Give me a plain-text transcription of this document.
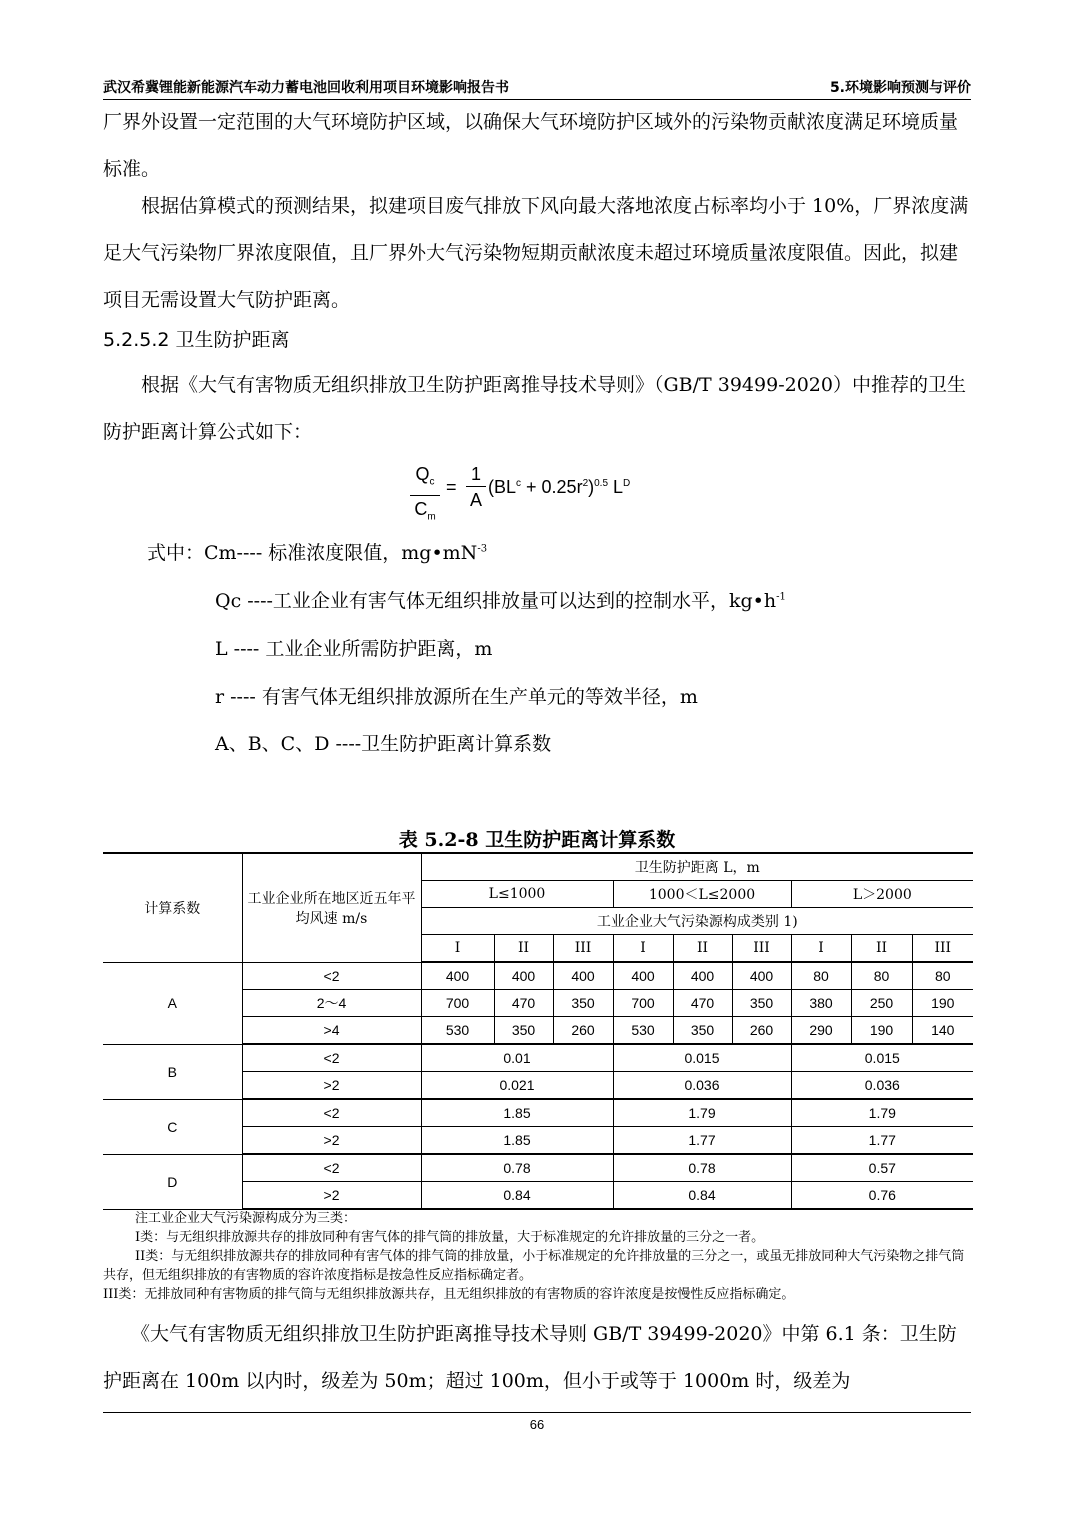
武汉希冀锂能新能源汽车动力蓄电池回收利用项目环境影响报告书	5.环境影响预测与评价
厂界外设置一定范围的大气环境防护区域，以确保大气环境防护区域外的污染物贡献浓度满足环境质量标准。
根据估算模式的预测结果，拟建项目废气排放下风向最大落地浓度占标率均小于 10%，厂界浓度满足大气污染物厂界浓度限值，且厂界外大气污染物短期贡献浓度未超过环境质量浓度限值。因此，拟建项目无需设置大气防护距离。
5.2.5.2 卫生防护距离
根据《大气有害物质无组织排放卫生防护距离推导技术导则》（GB/T 39499-2020）中推荐的卫生防护距离计算公式如下：
$\frac{Q_c}{C_m} = \frac{1}{A} (BL^c + 0.25r^2)^{0.5}$ $L^D$
式中：Cm---- 标准浓度限值，$mg•mN^{-3}$
Qc ----工业企业有害气体无组织排放量可以达到的控制水平，$kg•h^{-1}$
L ---- 工业企业所需防护距离，m
r ---- 有害气体无组织排放源所在生产单元的等效半径，m
A、B、C、D ----卫生防护距离计算系数
表 5.2-8 卫生防护距离计算系数
计算系数	工业企业所在地区近五年平均风速 m/s	卫生防护距离 L，m								
		L≤1000			1000＜L≤2000			L＞2000		
		工业企业大气污染源构成类别 1)								
		I	II	III	I	II	III	I	II	III
A	<2	400	400	400	400	400	400	80	80	80
	2～4	700	470	350	700	470	350	380	250	190
	>4	530	350	260	530	350	260	290	190	140
B	<2	0.01			0.015			0.015		
	>2	0.021			0.036			0.036		
C	<2	1.85			1.79			1.79		
	>2	1.85			1.77			1.77		
D	<2	0.78			0.78			0.57		
	>2	0.84			0.84			0.76		
注工业企业大气污染源构成分为三类：
I类：与无组织排放源共存的排放同种有害气体的排气筒的排放量，大于标准规定的允许排放量的三分之一者。
II类：与无组织排放源共存的排放同种有害气体的排气筒的排放量，小于标准规定的允许排放量的三分之一，或虽无排放同种大气污染物之排气筒共存，但无组织排放的有害物质的容许浓度指标是按急性反应指标确定者。
III类：无排放同种有害物质的排气筒与无组织排放源共存，且无组织排放的有害物质的容许浓度是按慢性反应指标确定。
《大气有害物质无组织排放卫生防护距离推导技术导则 GB/T 39499-2020》中第 6.1 条：卫生防护距离在 100m 以内时，级差为 50m；超过 100m，但小于或等于 1000m 时，级差为
66
